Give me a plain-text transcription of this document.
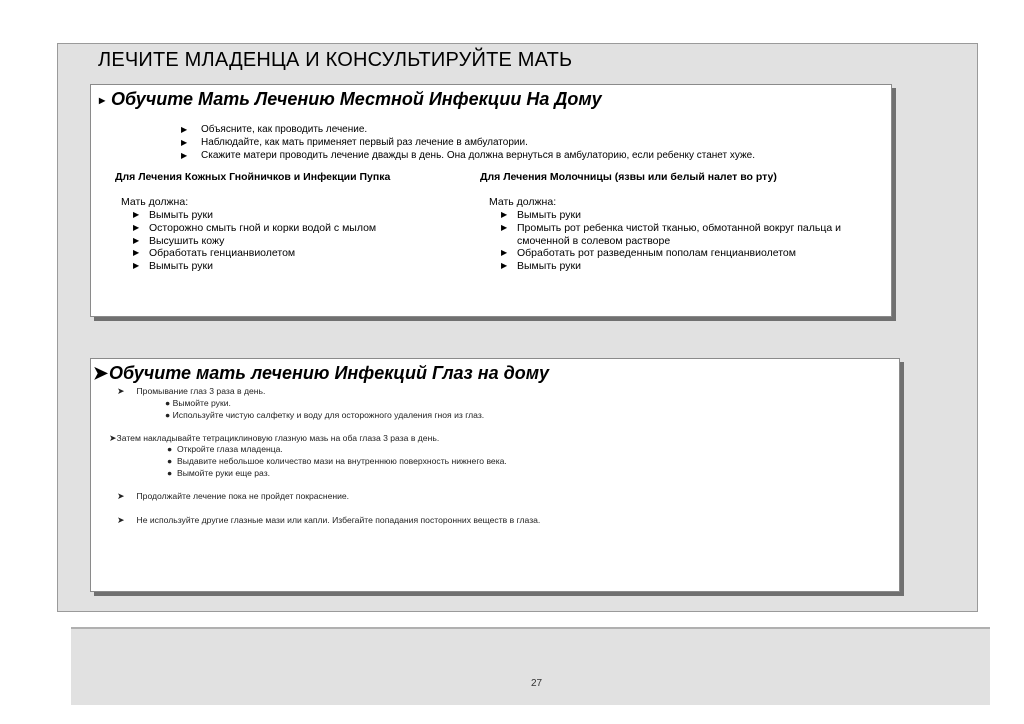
ЛЕЧИТЕ МЛАДЕНЦА И КОНСУЛЬТИРУЙТЕ МАТЬ
▶ Обучите Мать Лечению Местной Инфекции На Дому
▶ Объясните, как проводить лечение.
▶ Наблюдайте, как мать применяет первый раз лечение в амбулатории.
▶ Скажите матери проводить лечение дважды в день. Она должна вернуться в амбулаторию, если ребенку станет хуже.
Для Лечения Кожных Гнойничков и Инфекции Пупка	Для Лечения Молочницы (язвы или белый налет во рту)
Мать должна:	Мать должна:
▶ Вымыть руки
▶ Осторожно смыть гной и корки водой с мылом
▶ Высушить кожу
▶ Обработать генцианвиолетом
▶ Вымыть руки
▶ Вымыть руки
▶ Промыть рот ребенка чистой тканью, обмотанной вокруг пальца и
смоченной в солевом растворе
▶ Обработать рот разведенным пополам генцианвиолетом
▶ Вымыть руки
➤ Обучите мать лечению Инфекций Глаз на дому
➤ Промывание глаз 3 раза в день.
● Вымойте руки.
● Используйте чистую салфетку и воду для осторожного удаления гноя из глаз.
➤Затем накладывайте тетрациклиновую глазную мазь на оба глаза 3 раза в день.
● Откройте глаза младенца.
● Выдавите небольшое количество мази на внутреннюю поверхность нижнего века.
● Вымойте руки еще раз.
➤ Продолжайте лечение пока не пройдет покраснение.
➤ Не используйте другие глазные мази или капли. Избегайте попадания посторонних веществ в глаза.
27
